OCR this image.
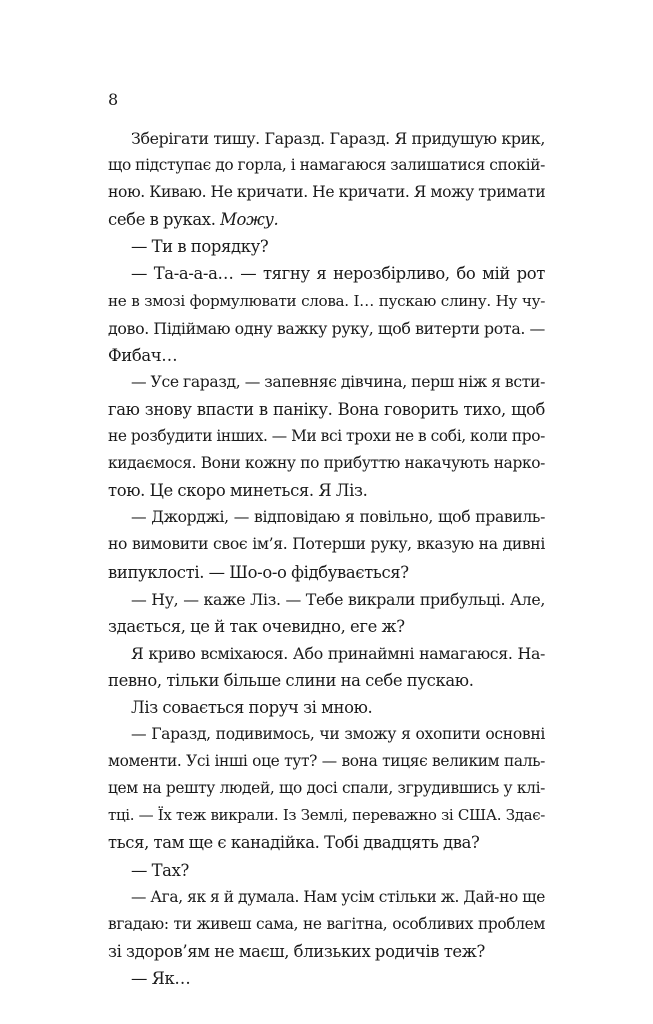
8
Зберігати тишу. Гаразд. Гаразд. Я придушую крик,
що підступає до горла, і намагаюся залишатися спокій-
ною. Киваю. Не кричати. Не кричати. Я можу тримати
себе в руках. Можу.
— Ти в порядку?
— Та-а-а-а… — тягну я нерозбірливо, бо мій рот
не в змозі формулювати слова. І… пускаю слину. Ну чу-
дово. Підіймаю одну важку руку, щоб витерти рота. —
Фибач…
— Усе гаразд, — запевняє дівчина, перш ніж я всти-
гаю знову впасти в паніку. Вона говорить тихо, щоб
не розбудити інших. — Ми всі трохи не в собі, коли про-
кидаємося. Вони кожну по прибуттю накачують нарко-
тою. Це скоро минеться. Я Ліз.
— Джорджі, — відповідаю я повільно, щоб правиль-
но вимовити своє ім’я. Потерши руку, вказую на дивні
випуклості. — Шо-о-о фідбувається?
— Ну, — каже Ліз. — Тебе викрали прибульці. Але,
здається, це й так очевидно, еге ж?
Я криво всміхаюся. Або принаймні намагаюся. На-
певно, тільки більше слини на себе пускаю.
Ліз совається поруч зі мною.
— Гаразд, подивимось, чи зможу я охопити основні
моменти. Усі інші оце тут? — вона тицяє великим паль-
цем на решту людей, що досі спали, згрудившись у клі-
тці. — Їх теж викрали. Із Землі, переважно зі США. Здає-
ться, там ще є канадійка. Тобі двадцять два?
— Тах?
— Ага, як я й думала. Нам усім стільки ж. Дай-но ще
вгадаю: ти живеш сама, не вагітна, особливих проблем
зі здоров’ям не маєш, близьких родичів теж?
— Як…
